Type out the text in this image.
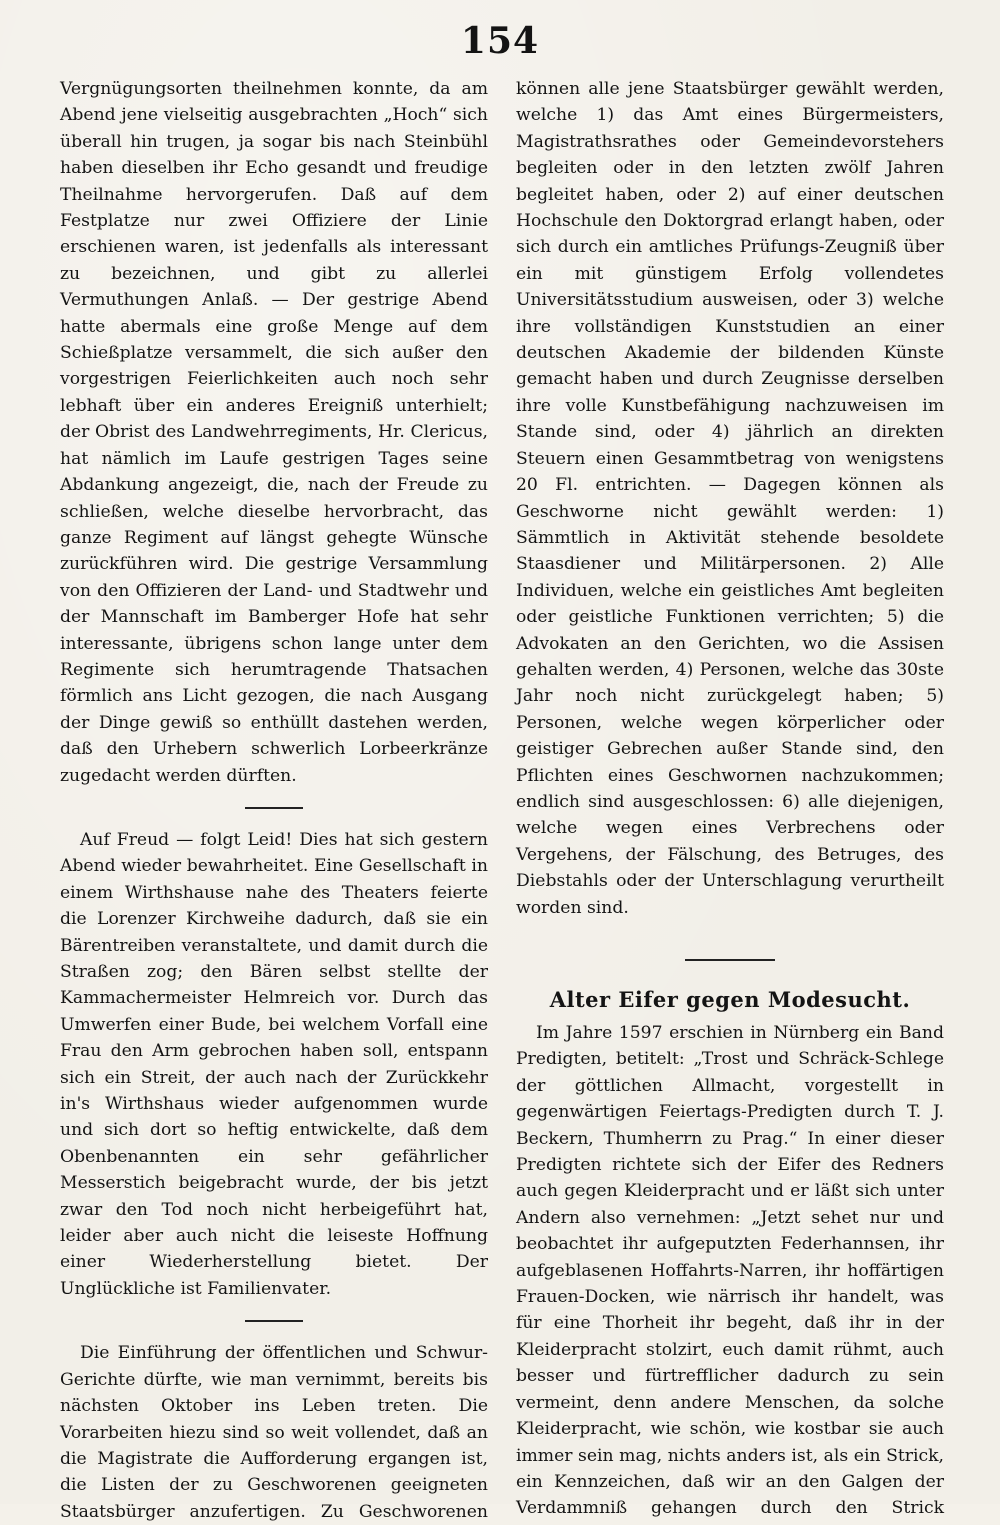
154

Vergnügungsorten theilnehmen konnte, da am Abend jene vielseitig ausgebrachten „Hoch“ sich überall hin trugen, ja sogar bis nach Steinbühl haben dieselben ihr Echo gesandt und freudige Theilnahme hervorgerufen. Daß auf dem Festplatze nur zwei Offiziere der Linie erschienen waren, ist jedenfalls als interessant zu bezeichnen, und gibt zu allerlei Vermuthungen Anlaß. — Der gestrige Abend hatte abermals eine große Menge auf dem Schießplatze versammelt, die sich außer den vorgestrigen Feierlichkeiten auch noch sehr lebhaft über ein anderes Ereigniß unterhielt; der Obrist des Landwehrregiments, Hr. Clericus, hat nämlich im Laufe gestrigen Tages seine Abdankung angezeigt, die, nach der Freude zu schließen, welche dieselbe hervorbracht, das ganze Regiment auf längst gehegte Wünsche zurückführen wird. Die gestrige Versammlung von den Offizieren der Land- und Stadtwehr und der Mannschaft im Bamberger Hofe hat sehr interessante, übrigens schon lange unter dem Regimente sich herumtragende Thatsachen förmlich ans Licht gezogen, die nach Ausgang der Dinge gewiß so enthüllt dastehen werden, daß den Urhebern schwerlich Lorbeerkränze zugedacht werden dürften.

Auf Freud — folgt Leid! Dies hat sich gestern Abend wieder bewahrheitet. Eine Gesellschaft in einem Wirthshause nahe des Theaters feierte die Lorenzer Kirchweihe dadurch, daß sie ein Bärentreiben veranstaltete, und damit durch die Straßen zog; den Bären selbst stellte der Kammachermeister Helmreich vor. Durch das Umwerfen einer Bude, bei welchem Vorfall eine Frau den Arm gebrochen haben soll, entspann sich ein Streit, der auch nach der Zurückkehr in's Wirthshaus wieder aufgenommen wurde und sich dort so heftig entwickelte, daß dem Obenbenannten ein sehr gefährlicher Messerstich beigebracht wurde, der bis jetzt zwar den Tod noch nicht herbeigeführt hat, leider aber auch nicht die leiseste Hoffnung einer Wiederherstellung bietet. Der Unglückliche ist Familienvater.

Die Einführung der öffentlichen und Schwur-Gerichte dürfte, wie man vernimmt, bereits bis nächsten Oktober ins Leben treten. Die Vorarbeiten hiezu sind so weit vollendet, daß an die Magistrate die Aufforderung ergangen ist, die Listen der zu Geschworenen geeigneten Staatsbürger anzufertigen. Zu Geschworenen

können alle jene Staatsbürger gewählt werden, welche 1) das Amt eines Bürgermeisters, Magistrathsrathes oder Gemeindevorstehers begleiten oder in den letzten zwölf Jahren begleitet haben, oder 2) auf einer deutschen Hochschule den Doktorgrad erlangt haben, oder sich durch ein amtliches Prüfungs-Zeugniß über ein mit günstigem Erfolg vollendetes Universitätsstudium ausweisen, oder 3) welche ihre vollständigen Kunststudien an einer deutschen Akademie der bildenden Künste gemacht haben und durch Zeugnisse derselben ihre volle Kunstbefähigung nachzuweisen im Stande sind, oder 4) jährlich an direkten Steuern einen Gesammtbetrag von wenigstens 20 Fl. entrichten. — Dagegen können als Geschworne nicht gewählt werden: 1) Sämmtlich in Aktivität stehende besoldete Staasdiener und Militärpersonen. 2) Alle Individuen, welche ein geistliches Amt begleiten oder geistliche Funktionen verrichten; 5) die Advokaten an den Gerichten, wo die Assisen gehalten werden, 4) Personen, welche das 30ste Jahr noch nicht zurückgelegt haben; 5) Personen, welche wegen körperlicher oder geistiger Gebrechen außer Stande sind, den Pflichten eines Geschwornen nachzukommen; endlich sind ausgeschlossen: 6) alle diejenigen, welche wegen eines Verbrechens oder Vergehens, der Fälschung, des Betruges, des Diebstahls oder der Unterschlagung verurtheilt worden sind.

Alter Eifer gegen Modesucht.

Im Jahre 1597 erschien in Nürnberg ein Band Predigten, betitelt: „Trost und Schräck-Schlege der göttlichen Allmacht, vorgestellt in gegenwärtigen Feiertags-Predigten durch T. J. Beckern, Thumherrn zu Prag.“ In einer dieser Predigten richtete sich der Eifer des Redners auch gegen Kleiderpracht und er läßt sich unter Andern also vernehmen: „Jetzt sehet nur und beobachtet ihr aufgeputzten Federhannsen, ihr aufgeblasenen Hoffahrts-Narren, ihr hoffärtigen Frauen-Docken, wie närrisch ihr handelt, was für eine Thorheit ihr begeht, daß ihr in der Kleiderpracht stolzirt, euch damit rühmt, auch besser und fürtrefflicher dadurch zu sein vermeint, denn andere Menschen, da solche Kleiderpracht, wie schön, wie kostbar sie auch immer sein mag, nichts anders ist, als ein Strick, ein Kennzeichen, daß wir an den Galgen der Verdammniß gehangen durch den Strick
